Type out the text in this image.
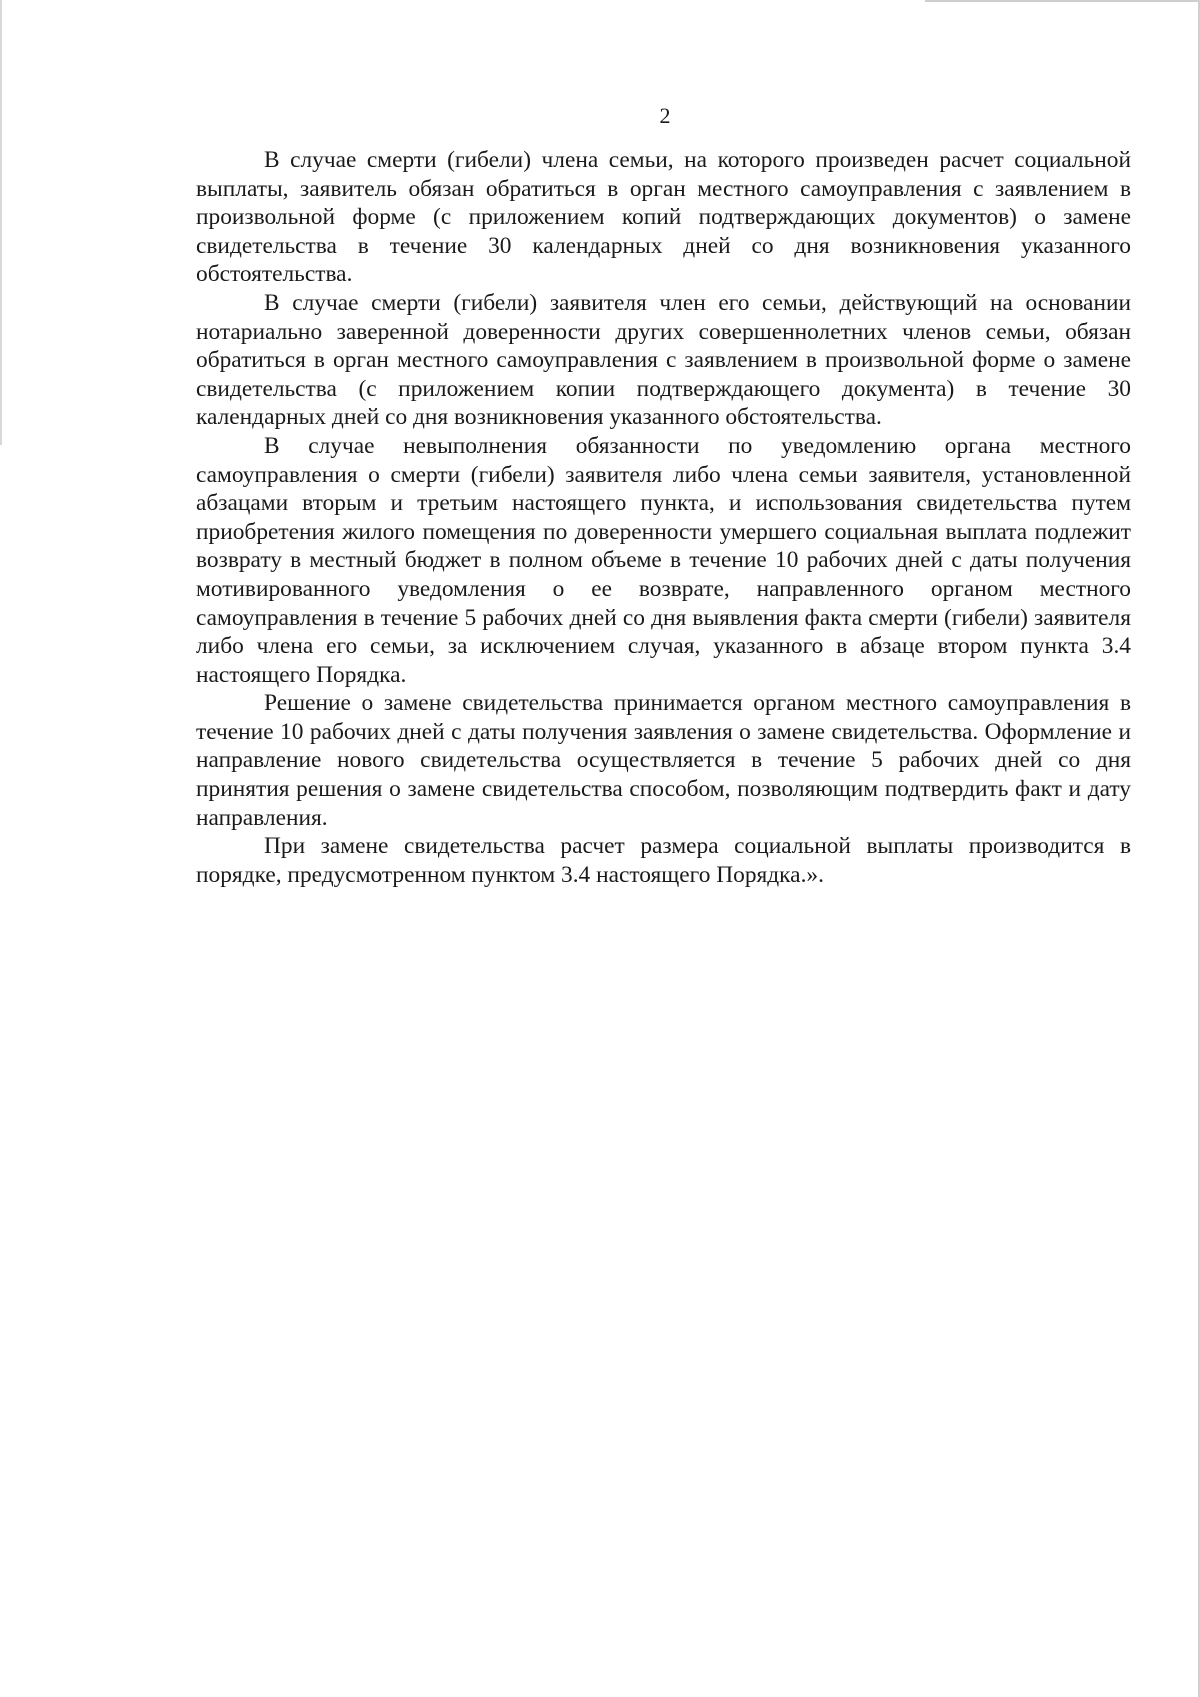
2

В случае смерти (гибели) члена семьи, на которого произведен расчет социальной выплаты, заявитель обязан обратиться в орган местного самоуправления с заявлением в произвольной форме (с приложением копий подтверждающих документов) о замене свидетельства в течение 30 календарных дней со дня возникновения указанного обстоятельства.

В случае смерти (гибели) заявителя член его семьи, действующий на основании нотариально заверенной доверенности других совершеннолетних членов семьи, обязан обратиться в орган местного самоуправления с заявлением в произвольной форме о замене свидетельства (с приложением копии подтверждающего документа) в течение 30 календарных дней со дня возникновения указанного обстоятельства.

В случае невыполнения обязанности по уведомлению органа местного самоуправления о смерти (гибели) заявителя либо члена семьи заявителя, установленной абзацами вторым и третьим настоящего пункта, и использования свидетельства путем приобретения жилого помещения по доверенности умершего социальная выплата подлежит возврату в местный бюджет в полном объеме в течение 10 рабочих дней с даты получения мотивированного уведомления о ее возврате, направленного органом местного самоуправления в течение 5 рабочих дней со дня выявления факта смерти (гибели) заявителя либо члена его семьи, за исключением случая, указанного в абзаце втором пункта 3.4 настоящего Порядка.

Решение о замене свидетельства принимается органом местного самоуправления в течение 10 рабочих дней с даты получения заявления о замене свидетельства. Оформление и направление нового свидетельства осуществляется в течение 5 рабочих дней со дня принятия решения о замене свидетельства способом, позволяющим подтвердить факт и дату направления.

При замене свидетельства расчет размера социальной выплаты производится в порядке, предусмотренном пунктом 3.4 настоящего Порядка.».
